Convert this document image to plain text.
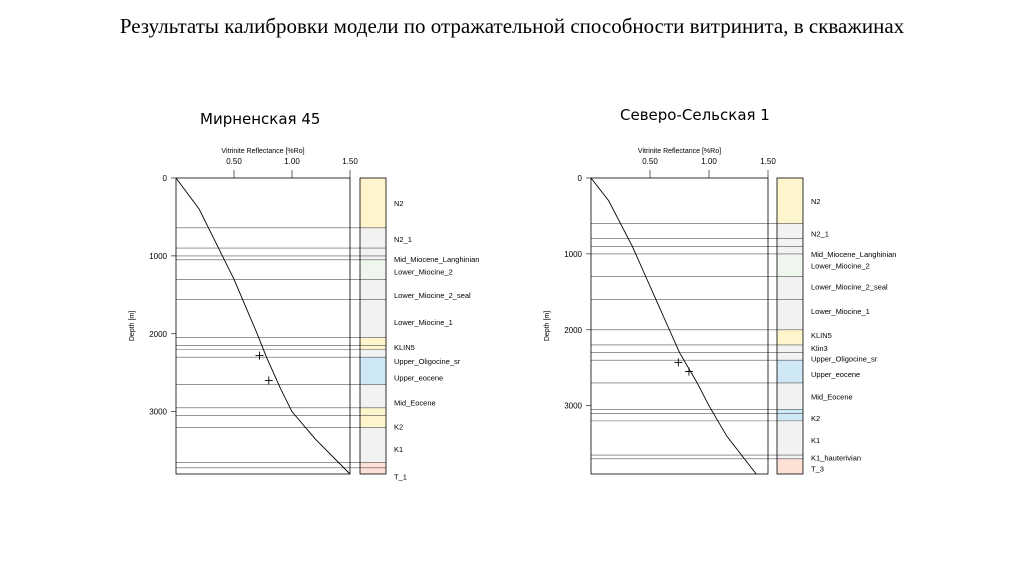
Результаты калибровки модели по отражательной способности витринита, в скважинах
Мирненская 45	Северо-Сельская 1
Vitrinite Reflectance [%Ro]
0.50	1.00	1.50
0
1000
2000
3000
Depth [m]
N2
N2_1
Mid_Miocene_Langhinian
Lower_Miocine_2
Lower_Miocine_2_seal
Lower_Miocine_1
KLIN5
Upper_Oligocine_sr
Upper_eocene
Mid_Eocene
K2
K1
T_1
Vitrinite Reflectance [%Ro]
0.50	1.00	1.50
0
1000
2000
3000
Depth [m]
N2
N2_1
Mid_Miocene_Langhinian
Lower_Miocine_2
Lower_Miocine_2_seal
Lower_Miocine_1
KLIN5
Klin3
Upper_Oligocine_sr
Upper_eocene
Mid_Eocene
K2
K1
K1_hauterivian
T_3
